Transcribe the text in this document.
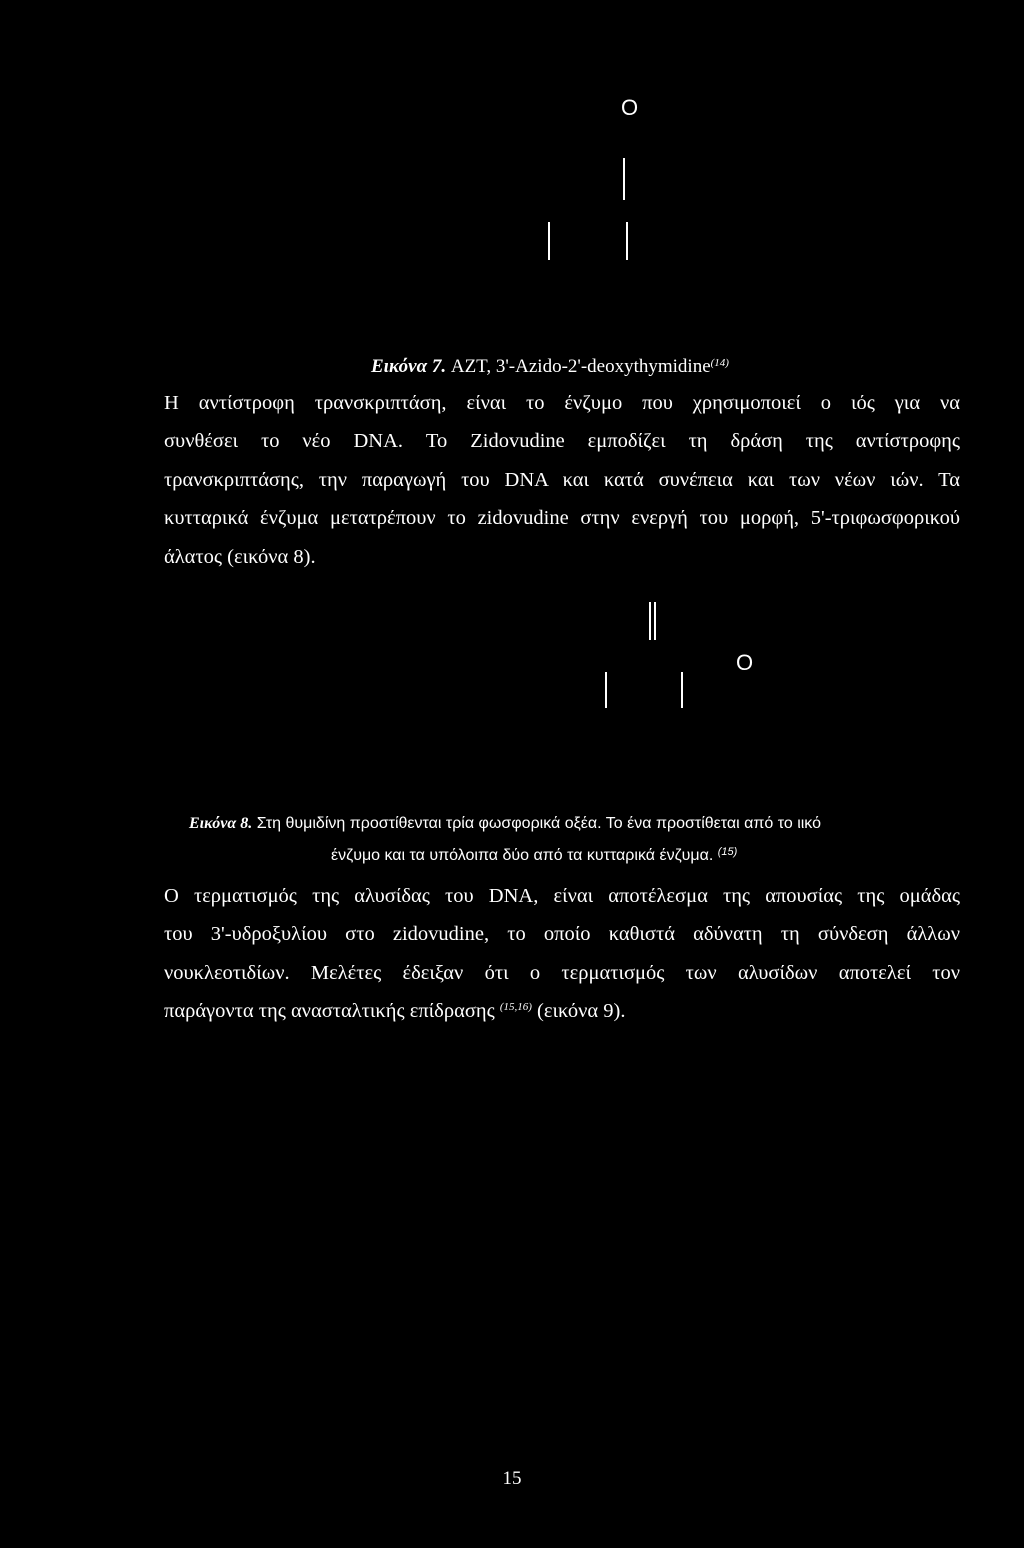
O
Εικόνα 7. AZT, 3'-Azido-2'-deoxythymidine$^{(14)}$
Η αντίστροφη τρανσκριπτάση, είναι το ένζυμο που χρησιμοποιεί ο ιός για να
συνθέσει το νέο DNA. Το Zidovudine εμποδίζει τη δράση της αντίστροφης
τρανσκριπτάσης, την παραγωγή του DNA και κατά συνέπεια και των νέων ιών. Τα
κυτταρικά ένζυμα μετατρέπουν το zidovudine στην ενεργή του μορφή, 5'-τριφωσφορικού
άλατος (εικόνα 8).
O
Εικόνα 8. Στη θυμιδίνη προστίθενται τρία φωσφορικά οξέα. Το ένα προστίθεται από το ιικό
ένζυμο και τα υπόλοιπα δύο από τα κυτταρικά ένζυμα. $^{(15)}$
Ο τερματισμός της αλυσίδας του DNA, είναι αποτέλεσμα της απουσίας της ομάδας
του 3'-υδροξυλίου στο zidovudine, το οποίο καθιστά αδύνατη τη σύνδεση άλλων
νουκλεοτιδίων. Μελέτες έδειξαν ότι ο τερματισμός των αλυσίδων αποτελεί τον
παράγοντα της ανασταλτικής επίδρασης $^{(15,16)}$ (εικόνα 9).
15
